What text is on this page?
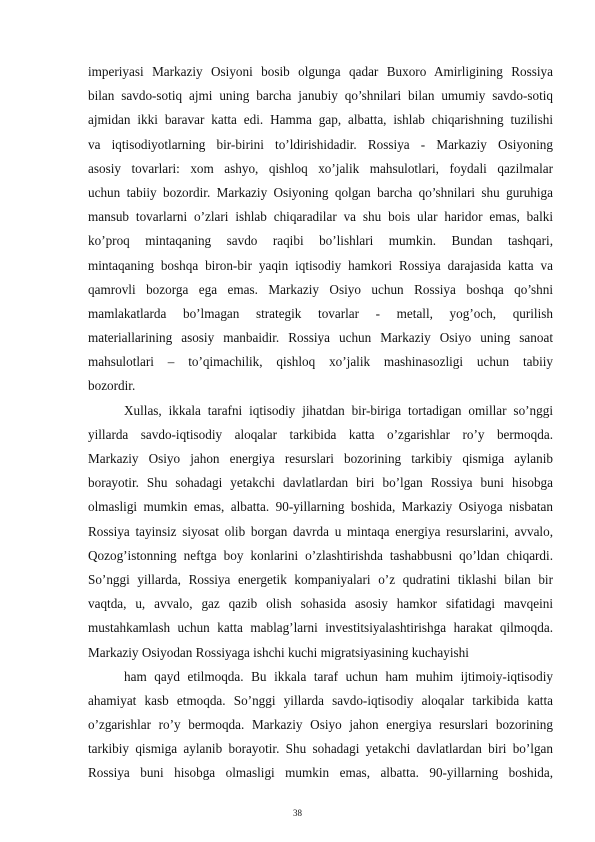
imperiyasi Markaziy Osiyoni bosib olgunga qadar Buxoro Amirligining Rossiya
bilan savdo-sotiq ajmi uning barcha janubiy qo’shnilari bilan umumiy savdo-sotiq
ajmidan ikki baravar katta edi. Hamma gap, albatta, ishlab chiqarishning tuzilishi
va iqtisodiyotlarning bir-birini to’ldirishidadir. Rossiya - Markaziy Osiyoning
asosiy tovarlari: xom ashyo, qishloq xo’jalik mahsulotlari, foydali qazilmalar
uchun tabiiy bozordir. Markaziy Osiyoning qolgan barcha qo’shnilari shu guruhiga
mansub tovarlarni o’zlari ishlab chiqaradilar va shu bois ular haridor emas, balki
ko’proq mintaqaning savdo raqibi bo’lishlari mumkin. Bundan tashqari,
mintaqaning boshqa biron-bir yaqin iqtisodiy hamkori Rossiya darajasida katta va
qamrovli bozorga ega emas. Markaziy Osiyo uchun Rossiya boshqa qo’shni
mamlakatlarda bo’lmagan strategik tovarlar - metall, yog’och, qurilish
materiallarining asosiy manbaidir. Rossiya uchun Markaziy Osiyo uning sanoat
mahsulotlari – to’qimachilik, qishloq xo’jalik mashinasozligi uchun tabiiy
bozordir.
Xullas, ikkala tarafni iqtisodiy jihatdan bir-biriga tortadigan omillar so’nggi
yillarda savdo-iqtisodiy aloqalar tarkibida katta o’zgarishlar ro’y bermoqda.
Markaziy Osiyo jahon energiya resurslari bozorining tarkibiy qismiga aylanib
borayotir. Shu sohadagi yetakchi davlatlardan biri bo’lgan Rossiya buni hisobga
olmasligi mumkin emas, albatta. 90-yillarning boshida, Markaziy Osiyoga nisbatan
Rossiya tayinsiz siyosat olib borgan davrda u mintaqa energiya resurslarini, avvalo,
Qozog’istonning neftga boy konlarini o’zlashtirishda tashabbusni qo’ldan chiqardi.
So’nggi yillarda, Rossiya energetik kompaniyalari o’z qudratini tiklashi bilan bir
vaqtda, u, avvalo, gaz qazib olish sohasida asosiy hamkor sifatidagi mavqeini
mustahkamlash uchun katta mablag’larni investitsiyalashtirishga harakat qilmoqda.
Markaziy Osiyodan Rossiyaga ishchi kuchi migratsiyasining kuchayishi
ham qayd etilmoqda. Bu ikkala taraf uchun ham muhim ijtimoiy-iqtisodiy
ahamiyat kasb etmoqda. So’nggi yillarda savdo-iqtisodiy aloqalar tarkibida katta
o’zgarishlar ro’y bermoqda. Markaziy Osiyo jahon energiya resurslari bozorining
tarkibiy qismiga aylanib borayotir. Shu sohadagi yetakchi davlatlardan biri bo’lgan
Rossiya buni hisobga olmasligi mumkin emas, albatta. 90-yillarning boshida,
38
